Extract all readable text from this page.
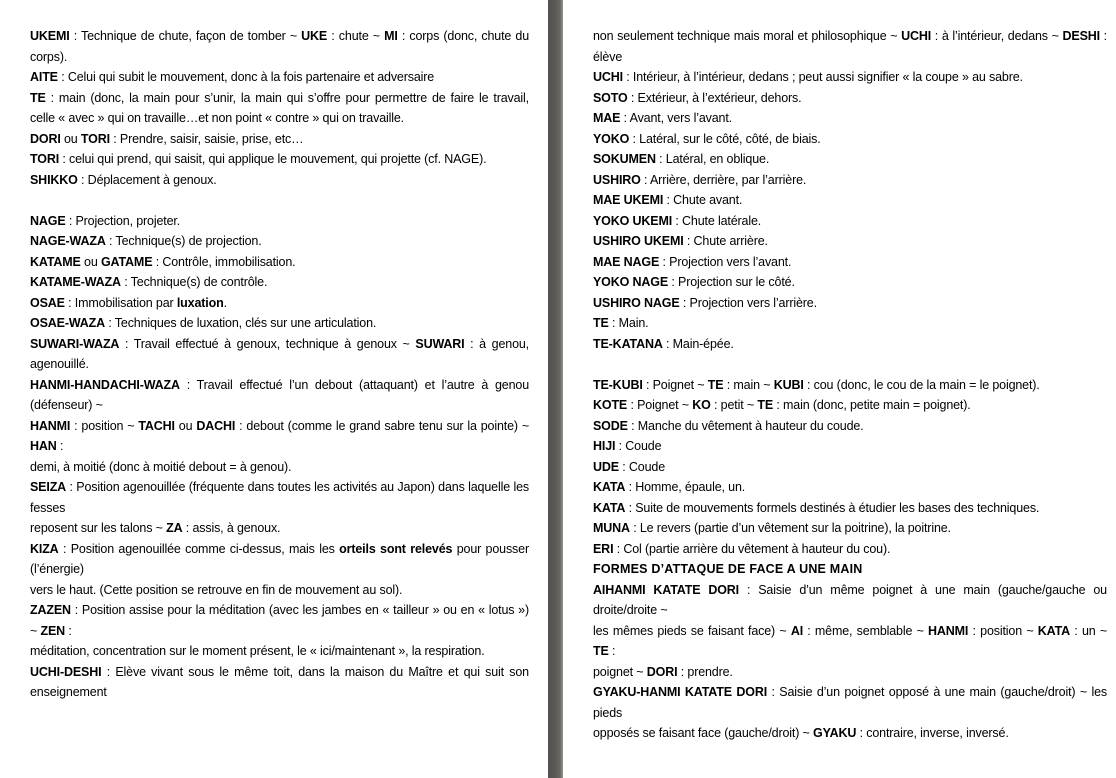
UKEMI : Technique de chute, façon de tomber ~ UKE : chute ~ MI : corps (donc, chute du corps).

AITE : Celui qui subit le mouvement, donc à la fois partenaire et adversaire

TE : main (donc, la main pour s’unir, la main qui s’offre pour permettre de faire le travail, celle « avec » qui on travaille…et non point « contre » qui on travaille.

DORI ou TORI : Prendre, saisir, saisie, prise, etc…

TORI : celui qui prend, qui saisit, qui applique le mouvement, qui projette (cf. NAGE).

SHIKKO : Déplacement à genoux.

NAGE : Projection, projeter.

NAGE-WAZA : Technique(s) de projection.

KATAME ou GATAME : Contrôle, immobilisation.

KATAME-WAZA : Technique(s) de contrôle.

OSAE : Immobilisation par luxation.

OSAE-WAZA : Techniques de luxation, clés sur une articulation.

SUWARI-WAZA : Travail effectué à genoux, technique à genoux ~ SUWARI : à genou, agenouillé.

HANMI-HANDACHI-WAZA : Travail effectué l’un debout (attaquant) et l’autre à genou (défenseur) ~

HANMI : position ~ TACHI ou DACHI : debout (comme le grand sabre tenu sur la pointe) ~ HAN :

demi, à moitié (donc à moitié debout = à genou).

SEIZA : Position agenouillée (fréquente dans toutes les activités au Japon) dans laquelle les fesses

reposent sur les talons ~ ZA : assis, à genoux.

KIZA : Position agenouillée comme ci-dessus, mais les orteils sont relevés pour pousser (l’énergie)

vers le haut. (Cette position se retrouve en fin de mouvement au sol).

ZAZEN : Position assise pour la méditation (avec les jambes en « tailleur » ou en « lotus ») ~ ZEN :

méditation, concentration sur le moment présent, le « ici/maintenant », la respiration.

UCHI-DESHI : Elève vivant sous le même toit, dans la maison du Maître et qui suit son enseignement

non seulement technique mais moral et philosophique ~ UCHI : à l’intérieur, dedans ~ DESHI : élève

UCHI : Intérieur, à l’intérieur, dedans ; peut aussi signifier « la coupe » au sabre.

SOTO : Extérieur, à l’extérieur, dehors.

MAE : Avant, vers l’avant.

YOKO : Latéral, sur le côté, côté, de biais.

SOKUMEN : Latéral, en oblique.

USHIRO : Arrière, derrière, par l’arrière.

MAE UKEMI : Chute avant.

YOKO UKEMI : Chute latérale.

USHIRO UKEMI : Chute arrière.

MAE NAGE : Projection vers l’avant.

YOKO NAGE : Projection sur le côté.

USHIRO NAGE : Projection vers l’arrière.

TE : Main.

TE-KATANA : Main-épée.

TE-KUBI : Poignet ~ TE : main ~ KUBI : cou (donc, le cou de la main = le poignet).

KOTE : Poignet ~ KO : petit ~ TE : main (donc, petite main = poignet).

SODE : Manche du vêtement à hauteur du coude.

HIJI : Coude

UDE : Coude

KATA : Homme, épaule, un.

KATA : Suite de mouvements formels destinés à étudier les bases des techniques.

MUNA : Le revers (partie d’un vêtement sur la poitrine), la poitrine.

ERI : Col (partie arrière du vêtement à hauteur du cou).

FORMES D’ATTAQUE DE FACE A UNE MAIN

AIHANMI KATATE DORI : Saisie d’un même poignet à une main (gauche/gauche ou droite/droite ~

les mêmes pieds se faisant face) ~ AI : même, semblable ~ HANMI : position ~ KATA : un ~ TE :

poignet ~ DORI : prendre.

GYAKU-HANMI KATATE DORI : Saisie d’un poignet opposé à une main (gauche/droit) ~ les pieds

opposés se faisant face (gauche/droit) ~ GYAKU : contraire, inverse, inversé.
